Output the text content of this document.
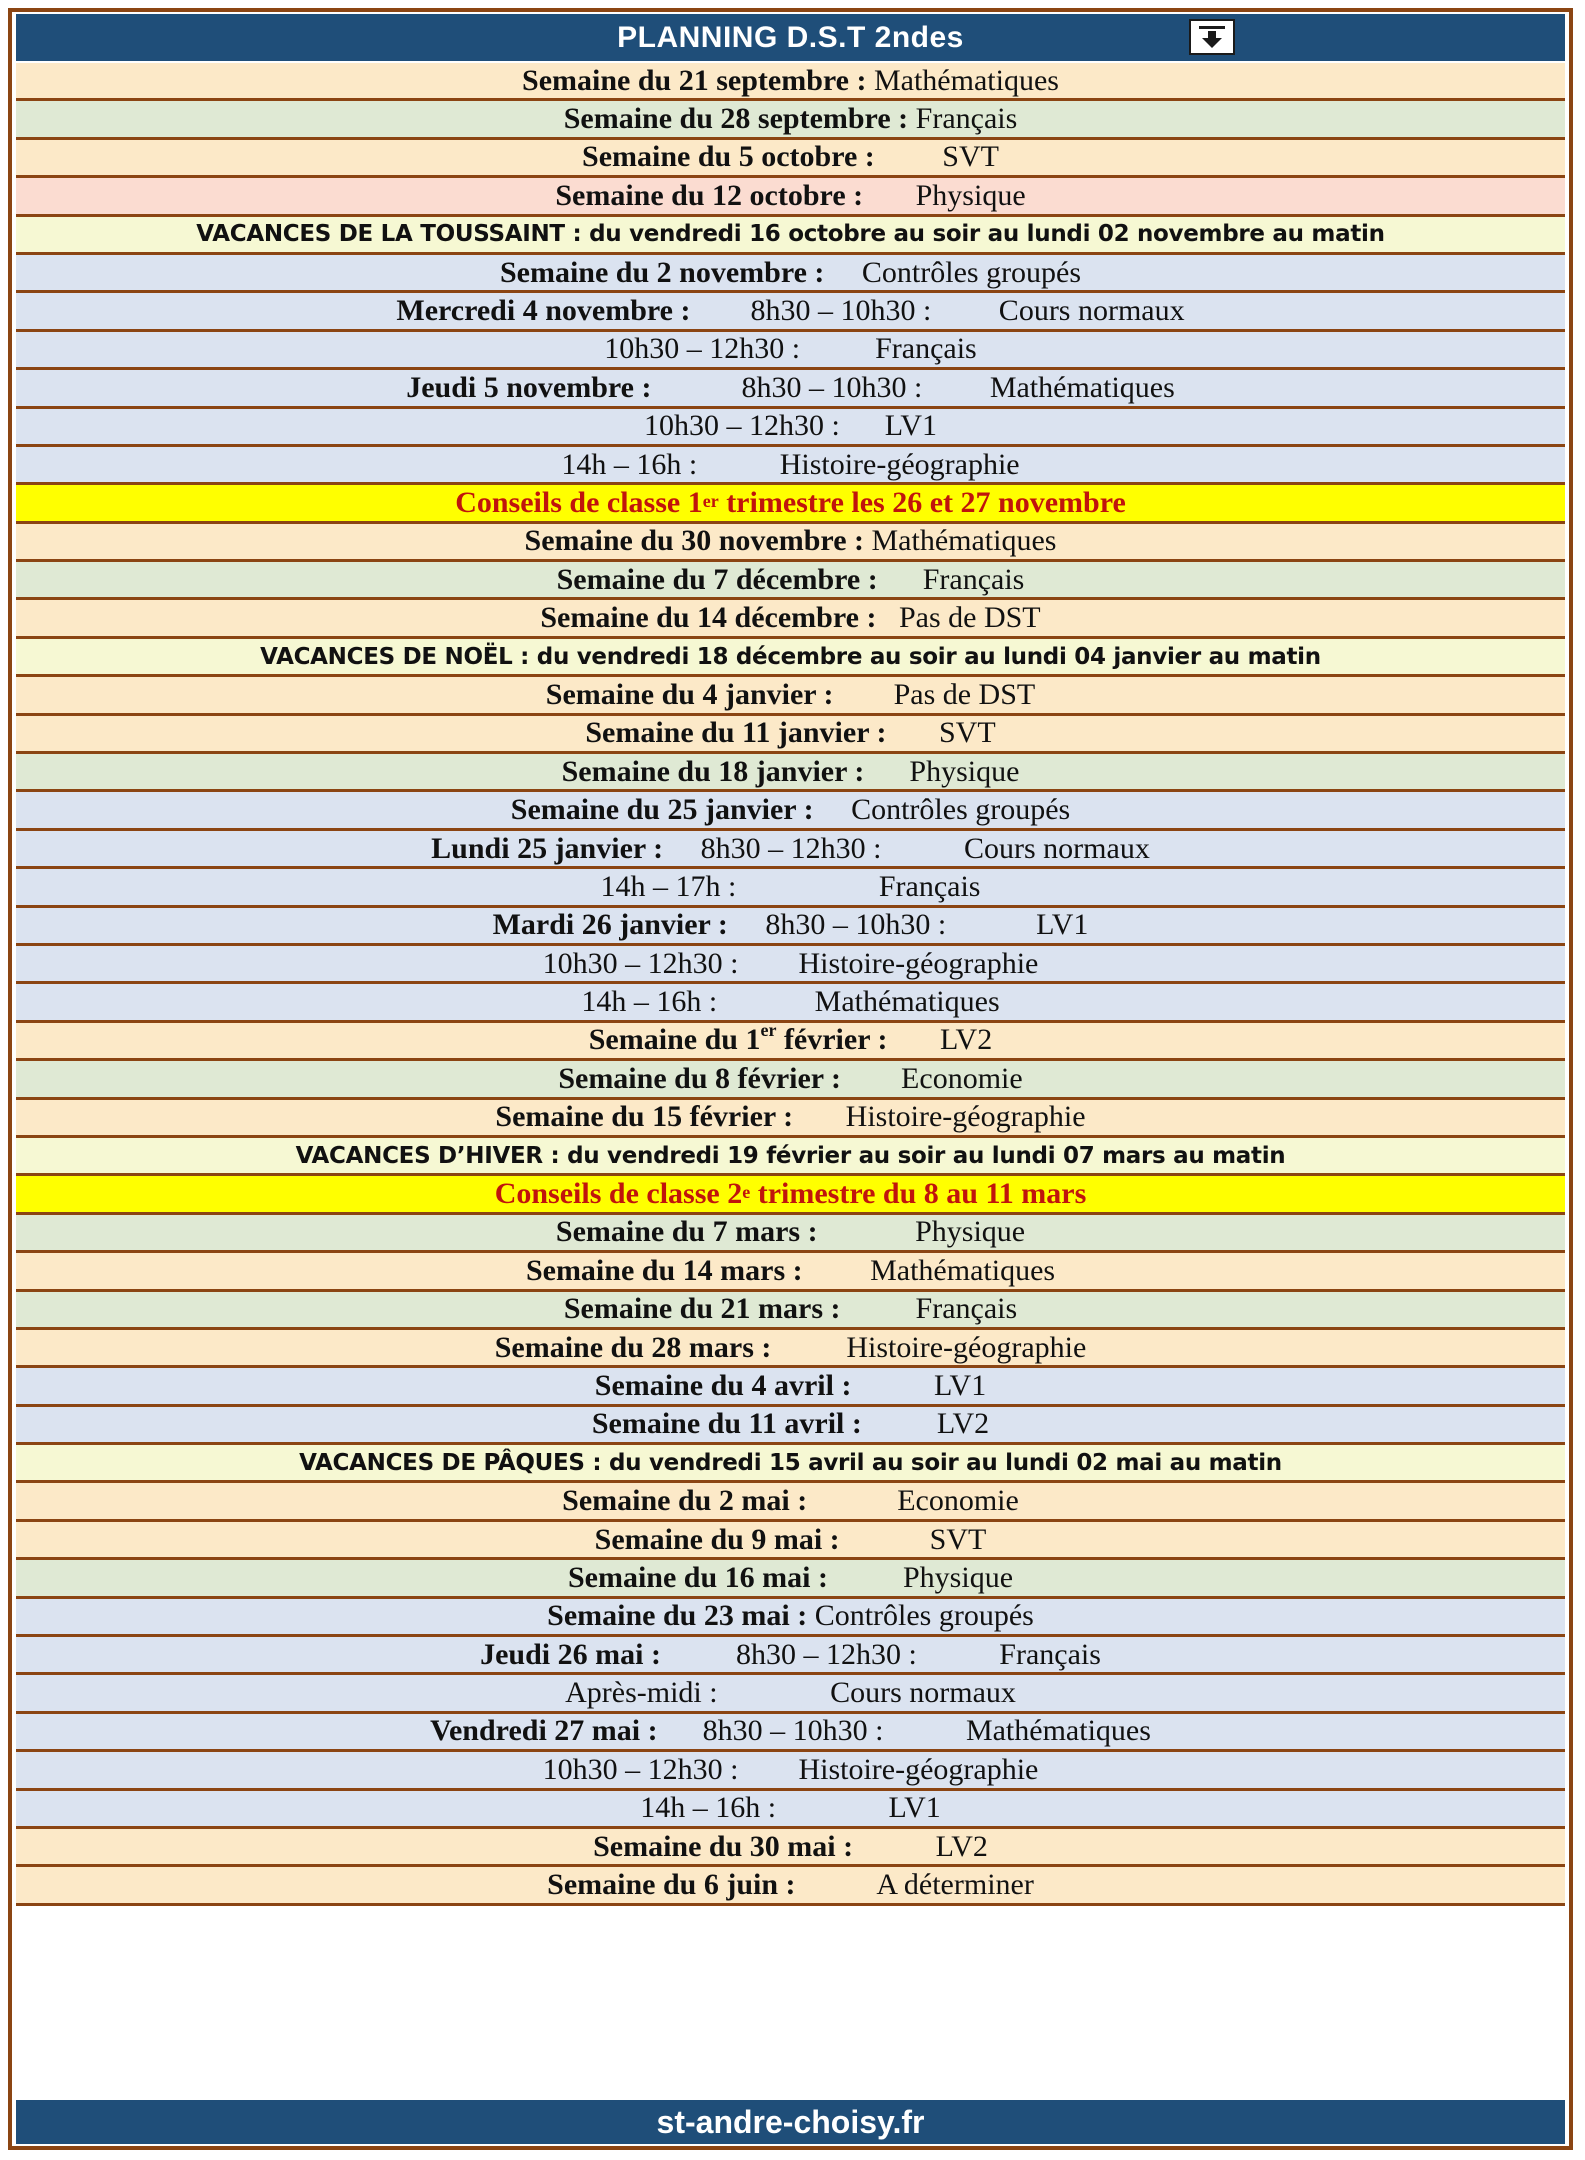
PLANNING D.S.T 2ndes
Semaine du 21 septembre : Mathématiques
Semaine du 28 septembre : Français
Semaine du 5 octobre : SVT
Semaine du 12 octobre : Physique
VACANCES DE LA TOUSSAINT : du vendredi 16 octobre au soir au lundi 02 novembre au matin
Semaine du 2 novembre : Contrôles groupés
Mercredi 4 novembre : 8h30 – 10h30 :         Cours normaux
10h30 – 12h30 :          Français
Jeudi 5 novembre : 8h30 – 10h30 :         Mathématiques
10h30 – 12h30 :      LV1
14h – 16h :           Histoire-géographie
Conseils de classe 1er trimestre les 26 et 27 novembre
Semaine du 30 novembre : Mathématiques
Semaine du 7 décembre : Français
Semaine du 14 décembre : Pas de DST
VACANCES DE NOËL : du vendredi 18 décembre au soir au lundi 04 janvier au matin
Semaine du 4 janvier : Pas de DST
Semaine du 11 janvier : SVT
Semaine du 18 janvier : Physique
Semaine du 25 janvier : Contrôles groupés
Lundi 25 janvier : 8h30 – 12h30 :           Cours normaux
14h – 17h :                   Français
Mardi 26 janvier : 8h30 – 10h30 :            LV1
10h30 – 12h30 :        Histoire-géographie
14h – 16h :             Mathématiques
Semaine du 1er février : LV2
Semaine du 8 février : Economie
Semaine du 15 février : Histoire-géographie
VACANCES D’HIVER : du vendredi 19 février au soir au lundi 07 mars au matin
Conseils de classe 2e trimestre du 8 au 11 mars
Semaine du 7 mars : Physique
Semaine du 14 mars : Mathématiques
Semaine du 21 mars : Français
Semaine du 28 mars : Histoire-géographie
Semaine du 4 avril : LV1
Semaine du 11 avril : LV2
VACANCES DE PÂQUES : du vendredi 15 avril au soir au lundi 02 mai au matin
Semaine du 2 mai : Economie
Semaine du 9 mai : SVT
Semaine du 16 mai : Physique
Semaine du 23 mai : Contrôles groupés
Jeudi 26 mai : 8h30 – 12h30 :           Français
Après-midi :               Cours normaux
Vendredi 27 mai : 8h30 – 10h30 :           Mathématiques
10h30 – 12h30 :        Histoire-géographie
14h – 16h :               LV1
Semaine du 30 mai : LV2
Semaine du 6 juin : A déterminer
st-andre-choisy.fr
